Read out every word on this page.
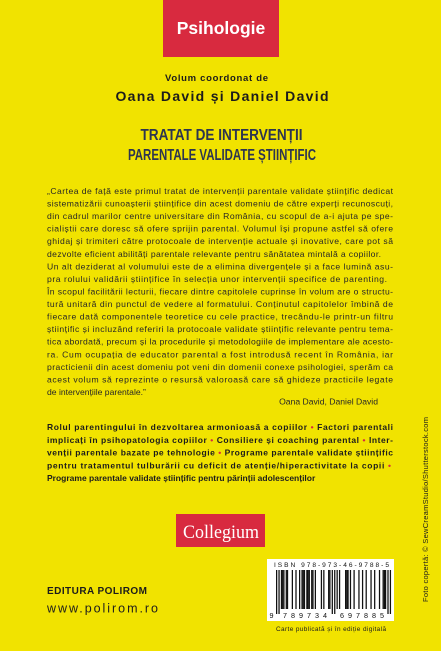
Psihologie
Volum coordonat de
Oana David și Daniel David
TRATAT DE INTERVENȚII
PARENTALE VALIDATE ȘTIINȚIFIC
„Cartea de față este primul tratat de intervenții parentale validate științific dedicat
sistematizării cunoașterii științifice din acest domeniu de către experți recunoscuți,
din cadrul marilor centre universitare din România, cu scopul de a-i ajuta pe spe-
cialiștii care doresc să ofere sprijin parental. Volumul își propune astfel să ofere
ghidaj și trimiteri către protocoale de intervenție actuale și inovative, care pot să
dezvolte eficient abilități parentale relevante pentru sănătatea mintală a copiilor.
Un alt deziderat al volumului este de a elimina divergențele și a face lumină asu-
pra rolului validării științifice în selecția unor intervenții specifice de parenting.
În scopul facilitării lecturii, fiecare dintre capitolele cuprinse în volum are o structu-
tură unitară din punctul de vedere al formatului. Conținutul capitolelor îmbină de
fiecare dată componentele teoretice cu cele practice, trecându-le printr-un filtru
științific și incluzând referiri la protocoale validate științific relevante pentru tema-
tica abordată, precum și la procedurile și metodologiile de implementare ale acesto-
ra. Cum ocupația de educator parental a fost introdusă recent în România, iar
practicienii din acest domeniu pot veni din domenii conexe psihologiei, sperăm ca
acest volum să reprezinte o resursă valoroasă care să ghideze practicile legate
de intervențiile parentale.”
Oana David, Daniel David
Rolul parentingului în dezvoltarea armonioasă a copiilor • Factori parentali
implicați în psihopatologia copiilor • Consiliere și coaching parental • Inter-
venții parentale bazate pe tehnologie • Programe parentale validate științific
pentru tratamentul tulburării cu deficit de atenție/hiperactivitate la copii •
Programe parentale validate științific pentru părinții adolescenților
Collegium
EDITURA POLIROM
www.polirom.ro
ISBN 978-973-46-9788-5
9 789734 697885
Carte publicată și în ediție digitală
Foto copertă: © SewCreamStudio/Shutterstock.com
